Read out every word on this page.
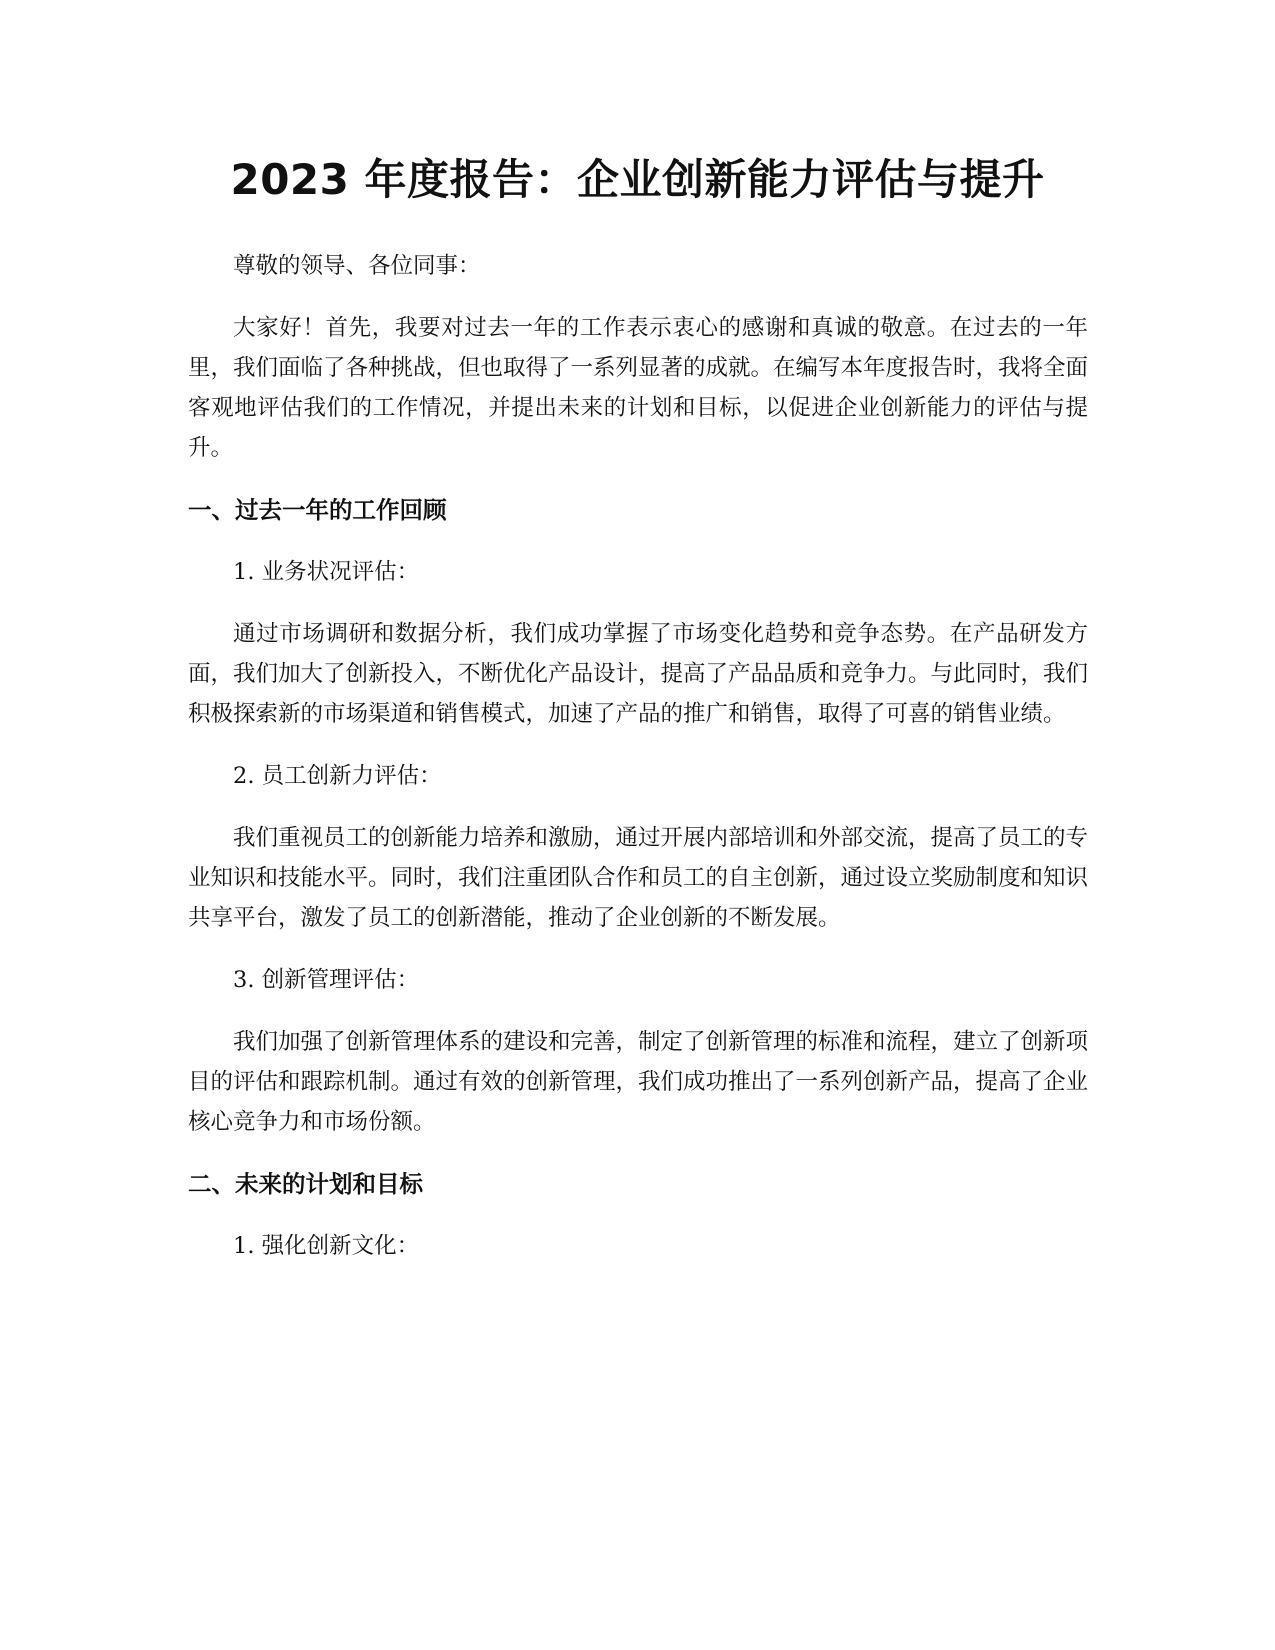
2023 年度报告：企业创新能力评估与提升

尊敬的领导、各位同事：

大家好！首先，我要对过去一年的工作表示衷心的感谢和真诚的敬意。在过去的一年里，我们面临了各种挑战，但也取得了一系列显著的成就。在编写本年度报告时，我将全面客观地评估我们的工作情况，并提出未来的计划和目标，以促进企业创新能力的评估与提升。

一、过去一年的工作回顾

1. 业务状况评估：

通过市场调研和数据分析，我们成功掌握了市场变化趋势和竞争态势。在产品研发方面，我们加大了创新投入，不断优化产品设计，提高了产品品质和竞争力。与此同时，我们积极探索新的市场渠道和销售模式，加速了产品的推广和销售，取得了可喜的销售业绩。

2. 员工创新力评估：

我们重视员工的创新能力培养和激励，通过开展内部培训和外部交流，提高了员工的专业知识和技能水平。同时，我们注重团队合作和员工的自主创新，通过设立奖励制度和知识共享平台，激发了员工的创新潜能，推动了企业创新的不断发展。

3. 创新管理评估：

我们加强了创新管理体系的建设和完善，制定了创新管理的标准和流程，建立了创新项目的评估和跟踪机制。通过有效的创新管理，我们成功推出了一系列创新产品，提高了企业核心竞争力和市场份额。

二、未来的计划和目标

1. 强化创新文化：
